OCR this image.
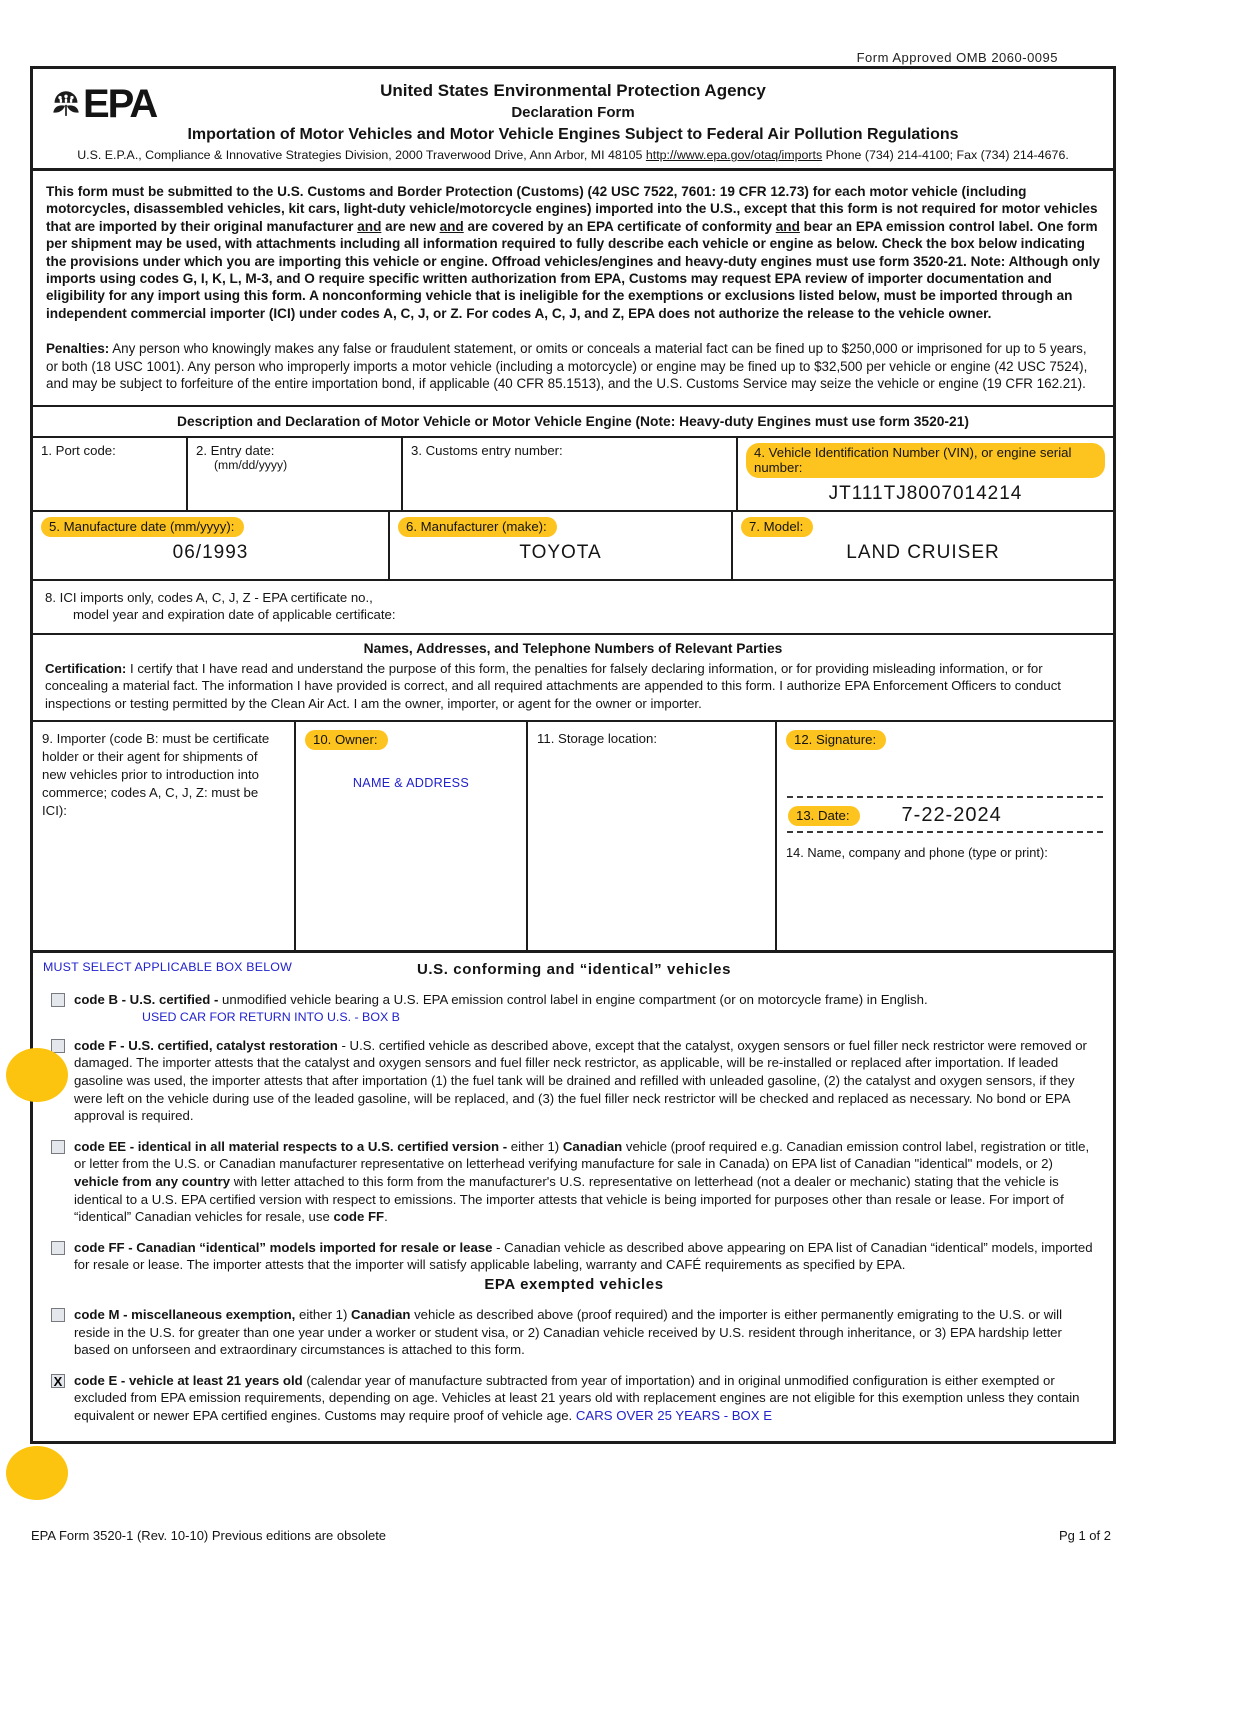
Form Approved OMB 2060-0095
EPA	United States Environmental Protection Agency
Declaration Form
Importation of Motor Vehicles and Motor Vehicle Engines Subject to Federal Air Pollution Regulations
U.S. E.P.A., Compliance & Innovative Strategies Division, 2000 Traverwood Drive, Ann Arbor, MI 48105 http://www.epa.gov/otaq/imports Phone (734) 214-4100; Fax (734) 214-4676.
This form must be submitted to the U.S. Customs and Border Protection (Customs) (42 USC 7522, 7601: 19 CFR 12.73) for each motor vehicle (including motorcycles, disassembled vehicles, kit cars, light-duty vehicle/motorcycle engines) imported into the U.S., except that this form is not required for motor vehicles that are imported by their original manufacturer and are new and are covered by an EPA certificate of conformity and bear an EPA emission control label. One form per shipment may be used, with attachments including all information required to fully describe each vehicle or engine as below. Check the box below indicating the provisions under which you are importing this vehicle or engine. Offroad vehicles/engines and heavy-duty engines must use form 3520-21. Note: Although only imports using codes G, I, K, L, M-3, and O require specific written authorization from EPA, Customs may request EPA review of importer documentation and eligibility for any import using this form. A nonconforming vehicle that is ineligible for the exemptions or exclusions listed below, must be imported through an independent commercial importer (ICI) under codes A, C, J, or Z. For codes A, C, J, and Z, EPA does not authorize the release to the vehicle owner.
Penalties: Any person who knowingly makes any false or fraudulent statement, or omits or conceals a material fact can be fined up to $250,000 or imprisoned for up to 5 years, or both (18 USC 1001). Any person who improperly imports a motor vehicle (including a motorcycle) or engine may be fined up to $32,500 per vehicle or engine (42 USC 7524), and may be subject to forfeiture of the entire importation bond, if applicable (40 CFR 85.1513), and the U.S. Customs Service may seize the vehicle or engine (19 CFR 162.21).
Description and Declaration of Motor Vehicle or Motor Vehicle Engine (Note: Heavy-duty Engines must use form 3520-21)
1. Port code:	2. Entry date:
(mm/dd/yyyy)
3. Customs entry number:	4. Vehicle Identification Number (VIN), or engine serial number:
JT111TJ8007014214
5. Manufacture date (mm/yyyy):
06/1993
6. Manufacturer (make):
TOYOTA
7. Model:
LAND CRUISER
8. ICI imports only, codes A, C, J, Z - EPA certificate no.,
model year and expiration date of applicable certificate:
Names, Addresses, and Telephone Numbers of Relevant Parties
Certification: I certify that I have read and understand the purpose of this form, the penalties for falsely declaring information, or for providing misleading information, or for concealing a material fact. The information I have provided is correct, and all required attachments are appended to this form. I authorize EPA Enforcement Officers to conduct inspections or testing permitted by the Clean Air Act. I am the owner, importer, or agent for the owner or importer.
9. Importer (code B: must be certificate holder or their agent for shipments of new vehicles prior to introduction into commerce; codes A, C, J, Z: must be ICI):
10. Owner:
NAME & ADDRESS
11. Storage location:	12. Signature:
13. Date:	7-22-2024
14. Name, company and phone (type or print):
MUST SELECT APPLICABLE BOX BELOW	U.S. conforming and “identical” vehicles
code B - U.S. certified - unmodified vehicle bearing a U.S. EPA emission control label in engine compartment (or on motorcycle frame) in English.
USED CAR FOR RETURN INTO U.S. - BOX B
code F - U.S. certified, catalyst restoration - U.S. certified vehicle as described above, except that the catalyst, oxygen sensors or fuel filler neck restrictor were removed or damaged. The importer attests that the catalyst and oxygen sensors and fuel filler neck restrictor, as applicable, will be re-installed or replaced after importation. If leaded gasoline was used, the importer attests that after importation (1) the fuel tank will be drained and refilled with unleaded gasoline, (2) the catalyst and oxygen sensors, if they were left on the vehicle during use of the leaded gasoline, will be replaced, and (3) the fuel filler neck restrictor will be checked and replaced as necessary. No bond or EPA approval is required.
code EE - identical in all material respects to a U.S. certified version - either 1) Canadian vehicle (proof required e.g. Canadian emission control label, registration or title, or letter from the U.S. or Canadian manufacturer representative on letterhead verifying manufacture for sale in Canada) on EPA list of Canadian "identical" models, or 2) vehicle from any country with letter attached to this form from the manufacturer's U.S. representative on letterhead (not a dealer or mechanic) stating that the vehicle is identical to a U.S. EPA certified version with respect to emissions. The importer attests that vehicle is being imported for purposes other than resale or lease. For import of “identical” Canadian vehicles for resale, use code FF.
code FF - Canadian “identical” models imported for resale or lease - Canadian vehicle as described above appearing on EPA list of Canadian “identical” models, imported for resale or lease. The importer attests that the importer will satisfy applicable labeling, warranty and CAFÉ requirements as specified by EPA.
EPA exempted vehicles
code M - miscellaneous exemption, either 1) Canadian vehicle as described above (proof required) and the importer is either permanently emigrating to the U.S. or will reside in the U.S. for greater than one year under a worker or student visa, or 2) Canadian vehicle received by U.S. resident through inheritance, or 3) EPA hardship letter based on unforseen and extraordinary circumstances is attached to this form.
X code E - vehicle at least 21 years old (calendar year of manufacture subtracted from year of importation) and in original unmodified configuration is either exempted or excluded from EPA emission requirements, depending on age. Vehicles at least 21 years old with replacement engines are not eligible for this exemption unless they contain equivalent or newer EPA certified engines. Customs may require proof of vehicle age. CARS OVER 25 YEARS - BOX E
EPA Form 3520-1 (Rev. 10-10) Previous editions are obsolete	Pg 1 of 2
